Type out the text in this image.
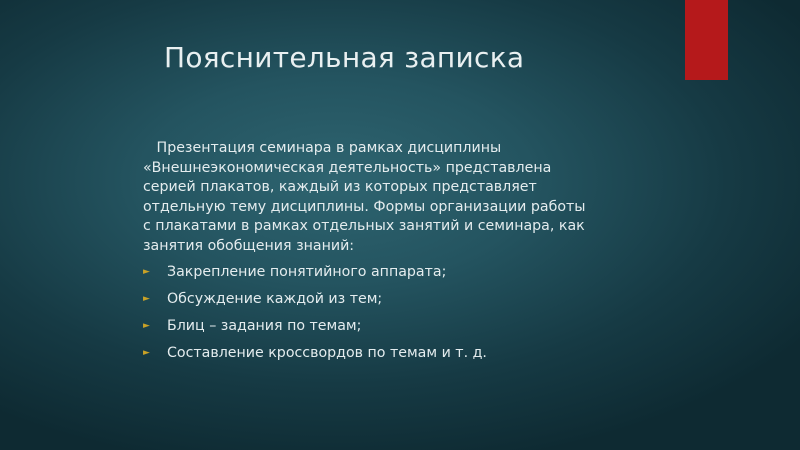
Пояснительная записка

Презентация семинара в рамках дисциплины
«Внешнеэкономическая деятельность» представлена
серией плакатов, каждый из которых представляет
отдельную тему дисциплины. Формы организации работы
с плакатами в рамках отдельных занятий и семинара, как
занятия обобщения знаний:

►	Закрепление понятийного аппарата;
►	Обсуждение каждой из тем;
►	Блиц – задания по темам;
►	Составление кроссвордов по темам и т. д.
